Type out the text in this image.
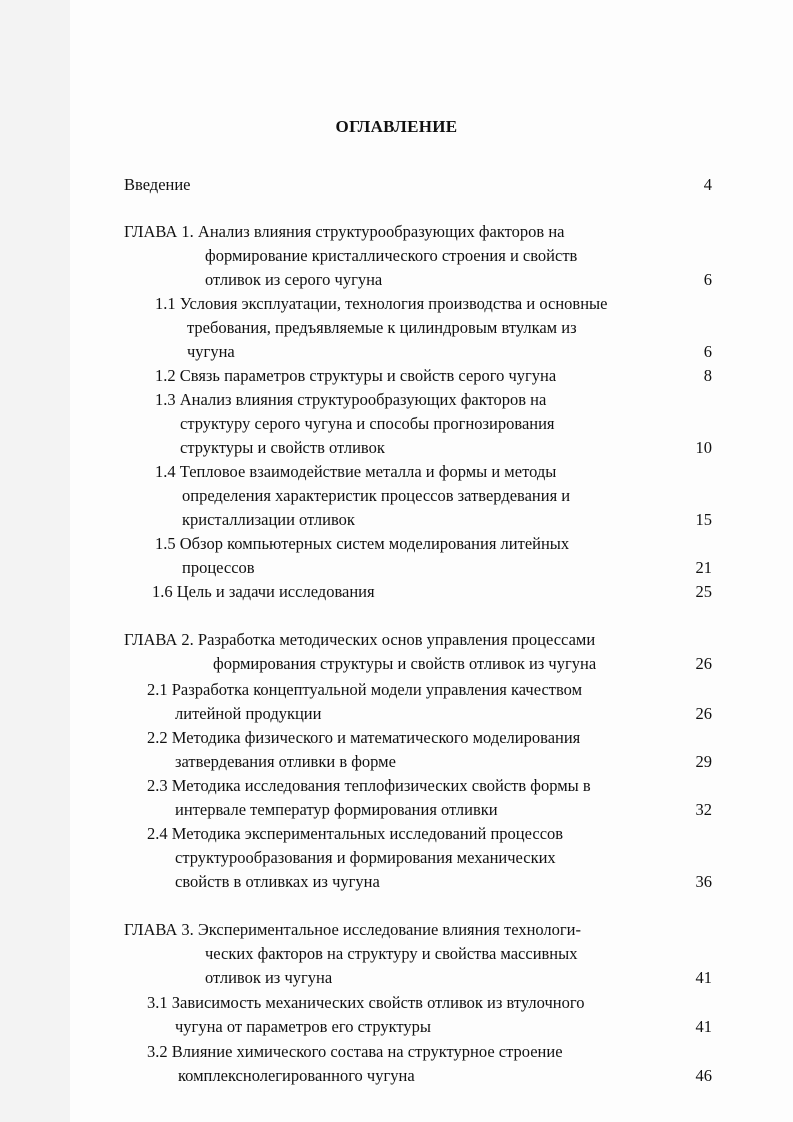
ОГЛАВЛЕНИЕ
Введение	4
ГЛАВА 1. Анализ влияния структурообразующих факторов на
формирование кристаллического строения и свойств
отливок из серого чугуна	6
1.1 Условия эксплуатации, технология производства и основные
требования, предъявляемые к цилиндровым втулкам из
чугуна	6
1.2 Связь параметров структуры и свойств серого чугуна	8
1.3 Анализ влияния структурообразующих факторов на
структуру серого чугуна и способы прогнозирования
структуры и свойств отливок	10
1.4 Тепловое взаимодействие металла и формы и методы
определения характеристик процессов затвердевания и
кристаллизации отливок	15
1.5 Обзор компьютерных систем моделирования литейных
процессов	21
1.6 Цель и задачи исследования	25
ГЛАВА 2. Разработка методических основ управления процессами
формирования структуры и свойств отливок из чугуна	26
2.1 Разработка концептуальной модели управления качеством
литейной продукции	26
2.2 Методика физического и математического моделирования
затвердевания отливки в форме	29
2.3 Методика исследования теплофизических свойств формы в
интервале температур формирования отливки	32
2.4 Методика экспериментальных исследований процессов
структурообразования и формирования механических
свойств в отливках из чугуна	36
ГЛАВА 3. Экспериментальное исследование влияния технологи-
ческих факторов на структуру и свойства массивных
отливок из чугуна	41
3.1 Зависимость механических свойств отливок из втулочного
чугуна от параметров его структуры	41
3.2 Влияние химического состава на структурное строение
комплекснолегированного чугуна	46
